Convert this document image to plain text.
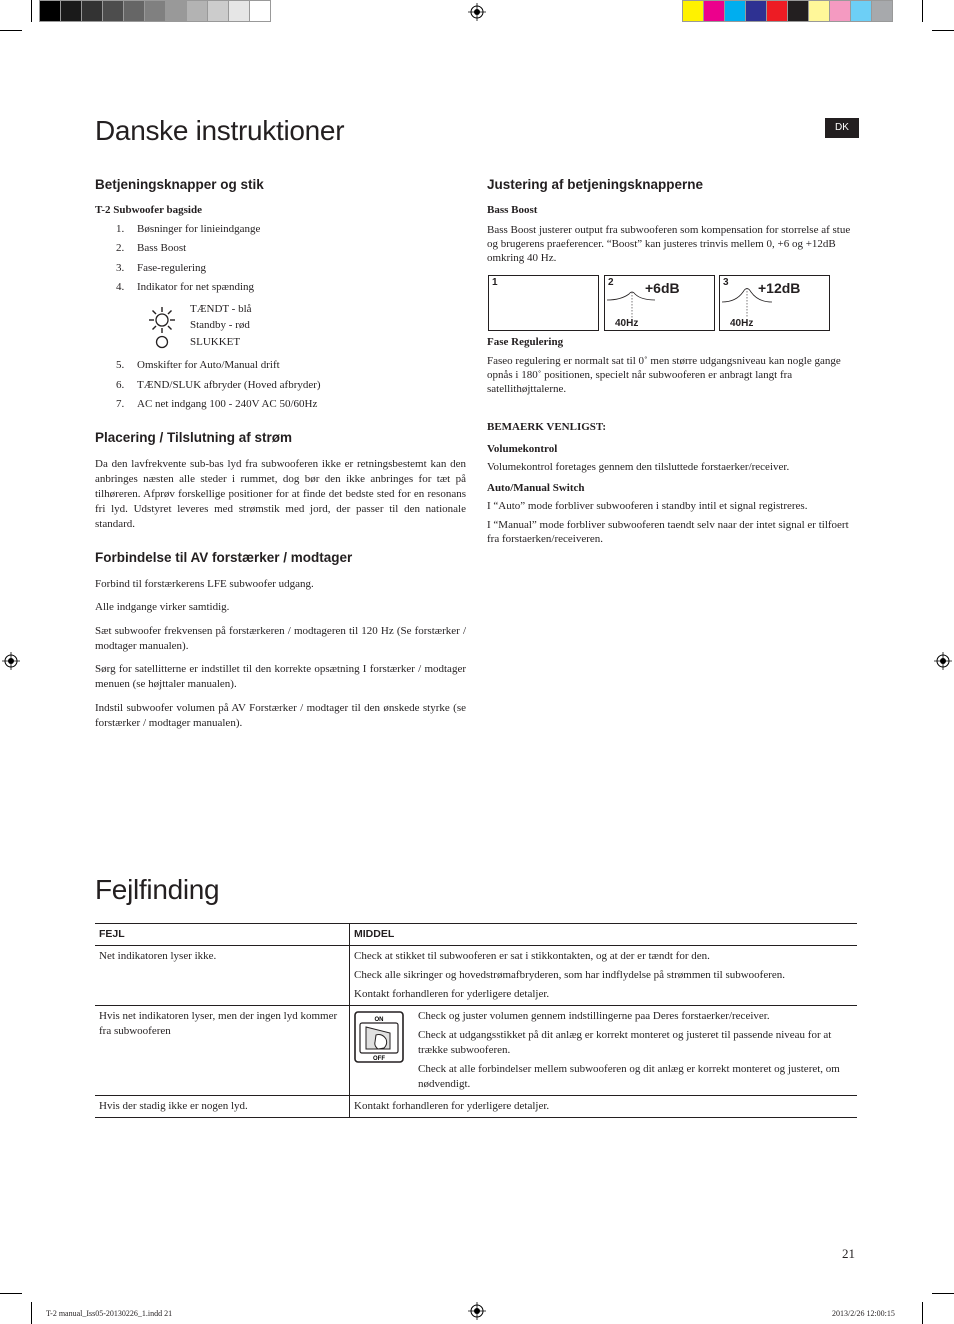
Danske instruktioner	DK
Betjeningsknapper og stik
T-2 Subwoofer bagside
1. Bøsninger for linieindgange
2. Bass Boost
3. Fase-regulering
4. Indikator for net spænding
TÆNDT - blå
Standby - rød
SLUKKET
5. Omskifter for Auto/Manual drift
6. TÆND/SLUK afbryder (Hoved afbryder)
7. AC net indgang 100 - 240V AC 50/60Hz
Placering / Tilslutning af strøm
Da den lavfrekvente sub-bas lyd fra subwooferen ikke er retningsbestemt kan den anbringes næsten alle steder i rummet, dog bør den ikke anbringes for tæt på tilhøreren. Afprøv forskellige positioner for at finde det bedste sted for en resonans fri lyd. Udstyret leveres med strømstik med jord, der passer til den nationale standard.
Forbindelse til AV forstærker / modtager
Forbind til forstærkerens LFE subwoofer udgang.
Alle indgange virker samtidig.
Sæt subwoofer frekvensen på forstærkeren / modtageren til 120 Hz (Se forstærker / modtager manualen).
Sørg for satellitterne er indstillet til den korrekte opsætning I forstærker / modtager menuen (se højttaler manualen).
Indstil subwoofer volumen på AV Forstærker / modtager til den ønskede styrke (se forstærker / modtager manualen).
Justering af betjeningsknapperne
Bass Boost
Bass Boost justerer output fra subwooferen som kompensation for storrelse af stue og brugerens praeferencer. “Boost” kan justeres trinvis mellem 0, +6 og +12dB omkring 40 Hz.
1	2 +6dB
40Hz
3 +12dB
40Hz
Fase Regulering
Faseo regulering er normalt sat til 0˚ men større udgangsniveau kan nogle gange opnås i 180˚ positionen, specielt når subwooferen er anbragt langt fra satellithøjttalerne.
BEMAERK VENLIGST:
Volumekontrol
Volumekontrol foretages gennem den tilsluttede forstaerker/receiver.
Auto/Manual Switch
I “Auto” mode forbliver subwooferen i standby intil et signal registreres.
I “Manual” mode forbliver subwooferen taendt selv naar der intet signal er tilfoert fra forstaerken/receiveren.
Fejlfinding
FEJL	MIDDEL
Net indikatoren lyser ikke.	Check at stikket til subwooferen er sat i stikkontakten, og at der er tændt for den.

Check alle sikringer og hovedstrømafbryderen, som har indflydelse på strømmen til subwooferen.

Kontakt forhandleren for yderligere detaljer.

Hvis net indikatoren lyser, men der ingen lyd kommer fra subwooferen	ON
OFF

Check og juster volumen gennem indstillingerne paa Deres forstaerker/receiver.

Check at udgangsstikket på dit anlæg er korrekt monteret og justeret til passende niveau for at trække subwooferen.

Check at alle forbindelser mellem subwooferen og dit anlæg er korrekt monteret og justeret, om nødvendigt.

Hvis der stadig ikke er nogen lyd.	Kontakt forhandleren for yderligere detaljer.
21
T-2 manual_Iss05-20130226_1.indd 21	2013/2/26 12:00:15
